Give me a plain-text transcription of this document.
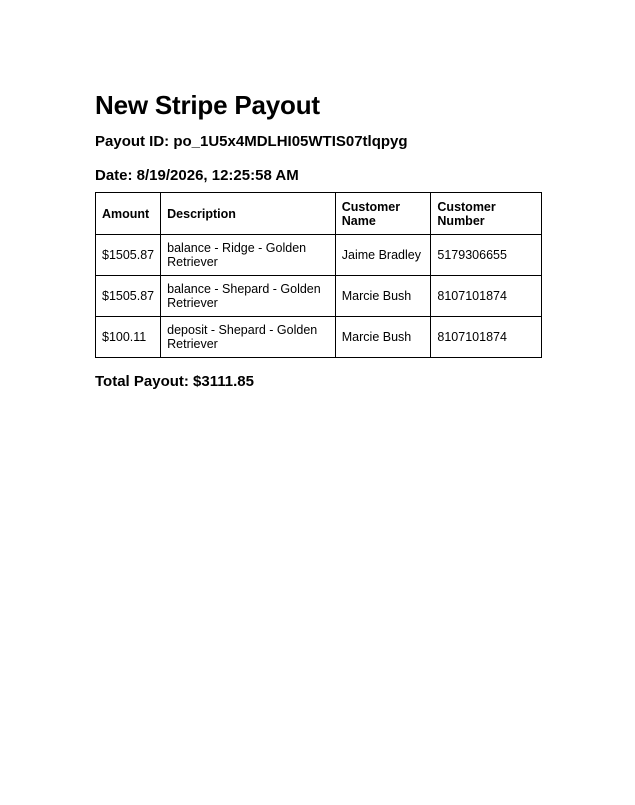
New Stripe Payout

Payout ID: po_1U5x4MDLHI05WTIS07tlqpyg

Date: 8/19/2026, 12:25:58 AM

Amount	Description	Customer Name	Customer Number
$1505.87	balance - Ridge - Golden Retriever	Jaime Bradley	5179306655
$1505.87	balance - Shepard - Golden Retriever	Marcie Bush	8107101874
$100.11	deposit - Shepard - Golden Retriever	Marcie Bush	8107101874

Total Payout: $3111.85
